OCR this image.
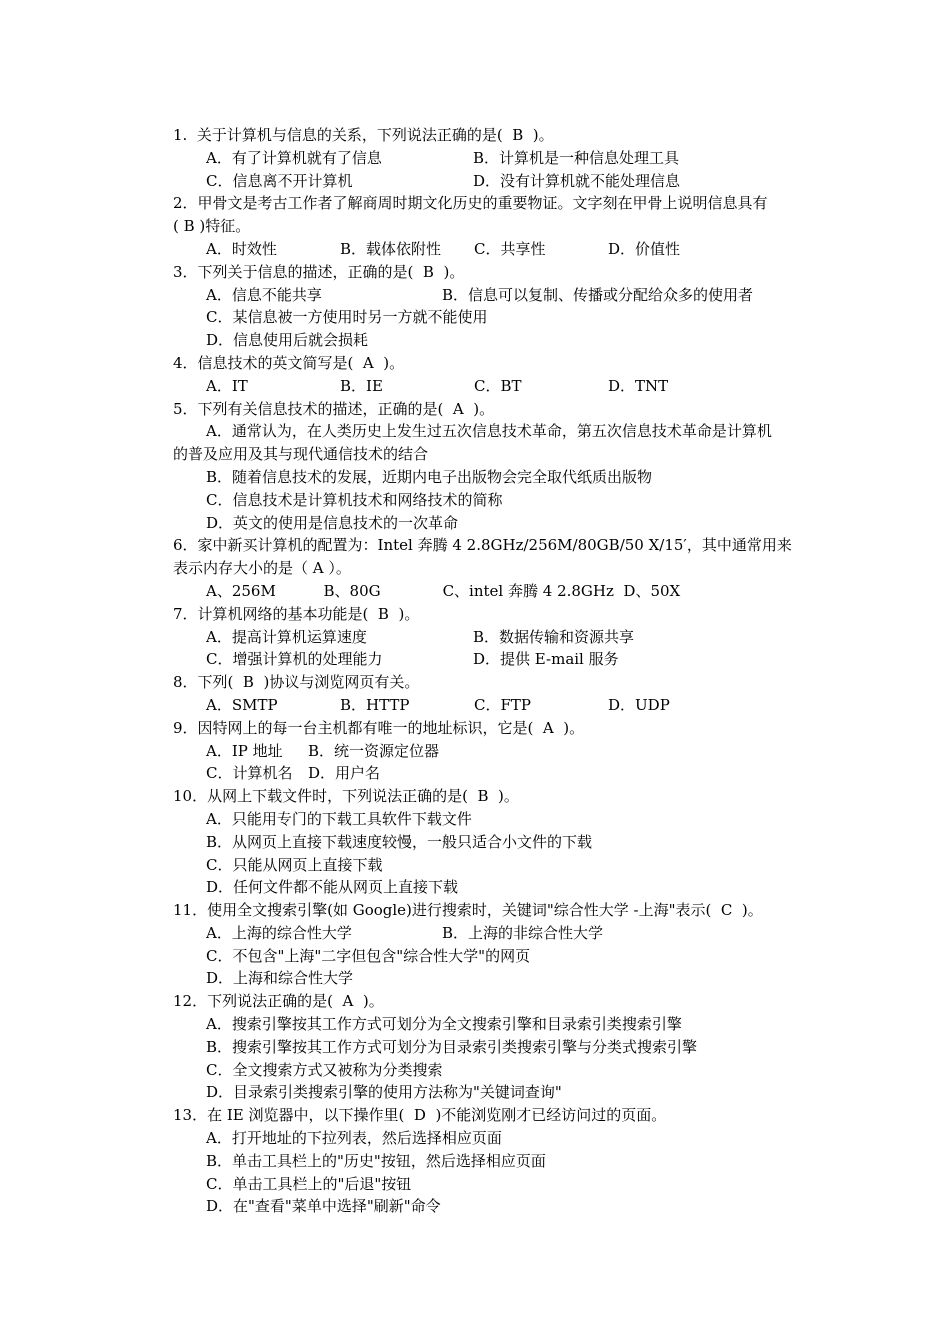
1.  关于计算机与信息的关系，下列说法正确的是(  B  )。
A．有了计算机就有了信息	B．计算机是一种信息处理工具
C．信息离不开计算机	D．没有计算机就不能处理信息
2．甲骨文是考古工作者了解商周时期文化历史的重要物证。文字刻在甲骨上说明信息具有
( B )特征。
A．时效性	B．载体依附性	C．共享性	D．价值性
3．下列关于信息的描述，正确的是(  B  )。
A．信息不能共享	B．信息可以复制、传播或分配给众多的使用者
C．某信息被一方使用时另一方就不能使用
D．信息使用后就会损耗
4．信息技术的英文简写是(  A  )。
A．IT	B．IE	C．BT	D．TNT
5．下列有关信息技术的描述，正确的是(  A  )。
A．通常认为，在人类历史上发生过五次信息技术革命，第五次信息技术革命是计算机
的普及应用及其与现代通信技术的结合
B．随着信息技术的发展，近期内电子出版物会完全取代纸质出版物
C．信息技术是计算机技术和网络技术的简称
D．英文的使用是信息技术的一次革命
6．家中新买计算机的配置为：Intel 奔腾 4 2.8GHz/256M/80GB/50 X/15′，其中通常用来
表示内存大小的是（ A ）。
A、256M          B、80G             C、intel 奔腾 4 2.8GHz  D、50X
7．计算机网络的基本功能是(  B  )。
A．提高计算机运算速度	B．数据传输和资源共享
C．增强计算机的处理能力	D．提供 E-mail 服务
8．下列(  B  )协议与浏览网页有关。
A．SMTP	B．HTTP	C．FTP	D．UDP
9．因特网上的每一台主机都有唯一的地址标识，它是(  A  )。
A．IP 地址	B．统一资源定位器
C．计算机名	D．用户名
10．从网上下载文件时，下列说法正确的是(  B  )。
A．只能用专门的下载工具软件下载文件
B．从网页上直接下载速度较慢，一般只适合小文件的下载
C．只能从网页上直接下载
D．任何文件都不能从网页上直接下载
11．使用全文搜索引擎(如 Google)进行搜索时，关键词"综合性大学 -上海"表示(  C  )。
A．上海的综合性大学	B．上海的非综合性大学
C．不包含"上海"二字但包含"综合性大学"的网页
D．上海和综合性大学
12．下列说法正确的是(  A  )。
A．搜索引擎按其工作方式可划分为全文搜索引擎和目录索引类搜索引擎
B．搜索引擎按其工作方式可划分为目录索引类搜索引擎与分类式搜索引擎
C．全文搜索方式又被称为分类搜索
D．目录索引类搜索引擎的使用方法称为"关键词查询"
13．在 IE 浏览器中，以下操作里(  D  )不能浏览刚才已经访问过的页面。
A．打开地址的下拉列表，然后选择相应页面
B．单击工具栏上的"历史"按钮，然后选择相应页面
C．单击工具栏上的"后退"按钮
D．在"查看"菜单中选择"刷新"命令
